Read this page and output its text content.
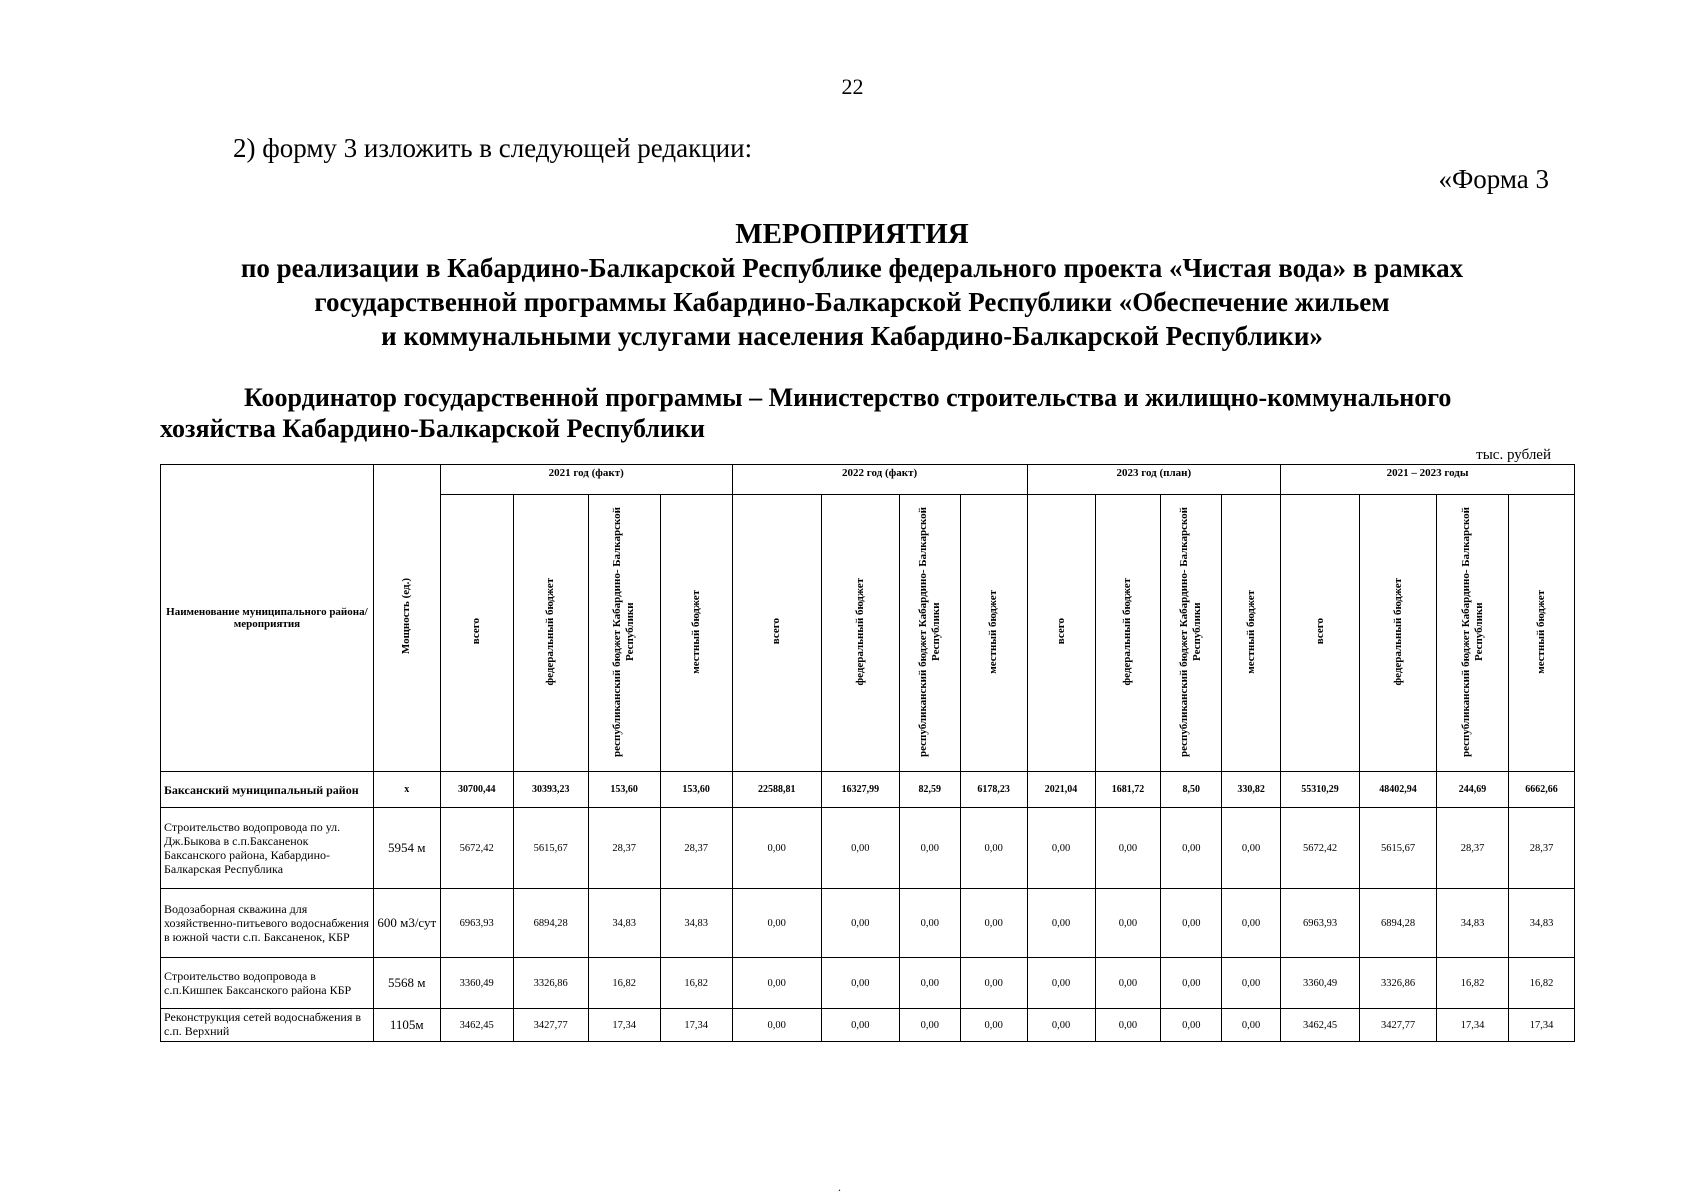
22
2) форму 3 изложить в следующей редакции:
«Форма 3
МЕРОПРИЯТИЯ
по реализации в Кабардино-Балкарской Республике федерального проекта «Чистая вода» в рамках
государственной программы Кабардино-Балкарской Республики «Обеспечение жильем
и коммунальными услугами населения Кабардино-Балкарской Республики»
Координатор государственной программы – Министерство строительства и жилищно-коммунального хозяйства Кабардино-Балкарской Республики
тыс. рублей
Наименование муниципального района/мероприятия	Мощность (ед.)	2021 год (факт)				2022 год (факт)				2023 год (план)				2021 – 2023 годы			
		всего	федеральный бюджет	республиканский бюджет Кабардино- Балкарской Республики	местный бюджет	всего	федеральный бюджет	республиканский бюджет Кабардино- Балкарской Республики	местный бюджет	всего	федеральный бюджет	республиканский бюджет Кабардино- Балкарской Республики	местный бюджет	всего	федеральный бюджет	республиканский бюджет Кабардино- Балкарской Республики	местный бюджет
Баксанский муниципальный район	x	30700,44	30393,23	153,60	153,60	22588,81	16327,99	82,59	6178,23	2021,04	1681,72	8,50	330,82	55310,29	48402,94	244,69	6662,66
Строительство водопровода по ул. Дж.Быкова в с.п.Баксаненок Баксанского района, Кабардино-Балкарская Республика	5954 м	5672,42	5615,67	28,37	28,37	0,00	0,00	0,00	0,00	0,00	0,00	0,00	0,00	5672,42	5615,67	28,37	28,37
Водозаборная скважина для хозяйственно-питьевого водоснабжения в южной части с.п. Баксаненок, КБР	600 м3/сут	6963,93	6894,28	34,83	34,83	0,00	0,00	0,00	0,00	0,00	0,00	0,00	0,00	6963,93	6894,28	34,83	34,83
Строительство водопровода в с.п.Кишпек Баксанского района КБР	5568 м	3360,49	3326,86	16,82	16,82	0,00	0,00	0,00	0,00	0,00	0,00	0,00	0,00	3360,49	3326,86	16,82	16,82
Реконструкция сетей водоснабжения в с.п. Верхний	1105м	3462,45	3427,77	17,34	17,34	0,00	0,00	0,00	0,00	0,00	0,00	0,00	0,00	3462,45	3427,77	17,34	17,34
.
